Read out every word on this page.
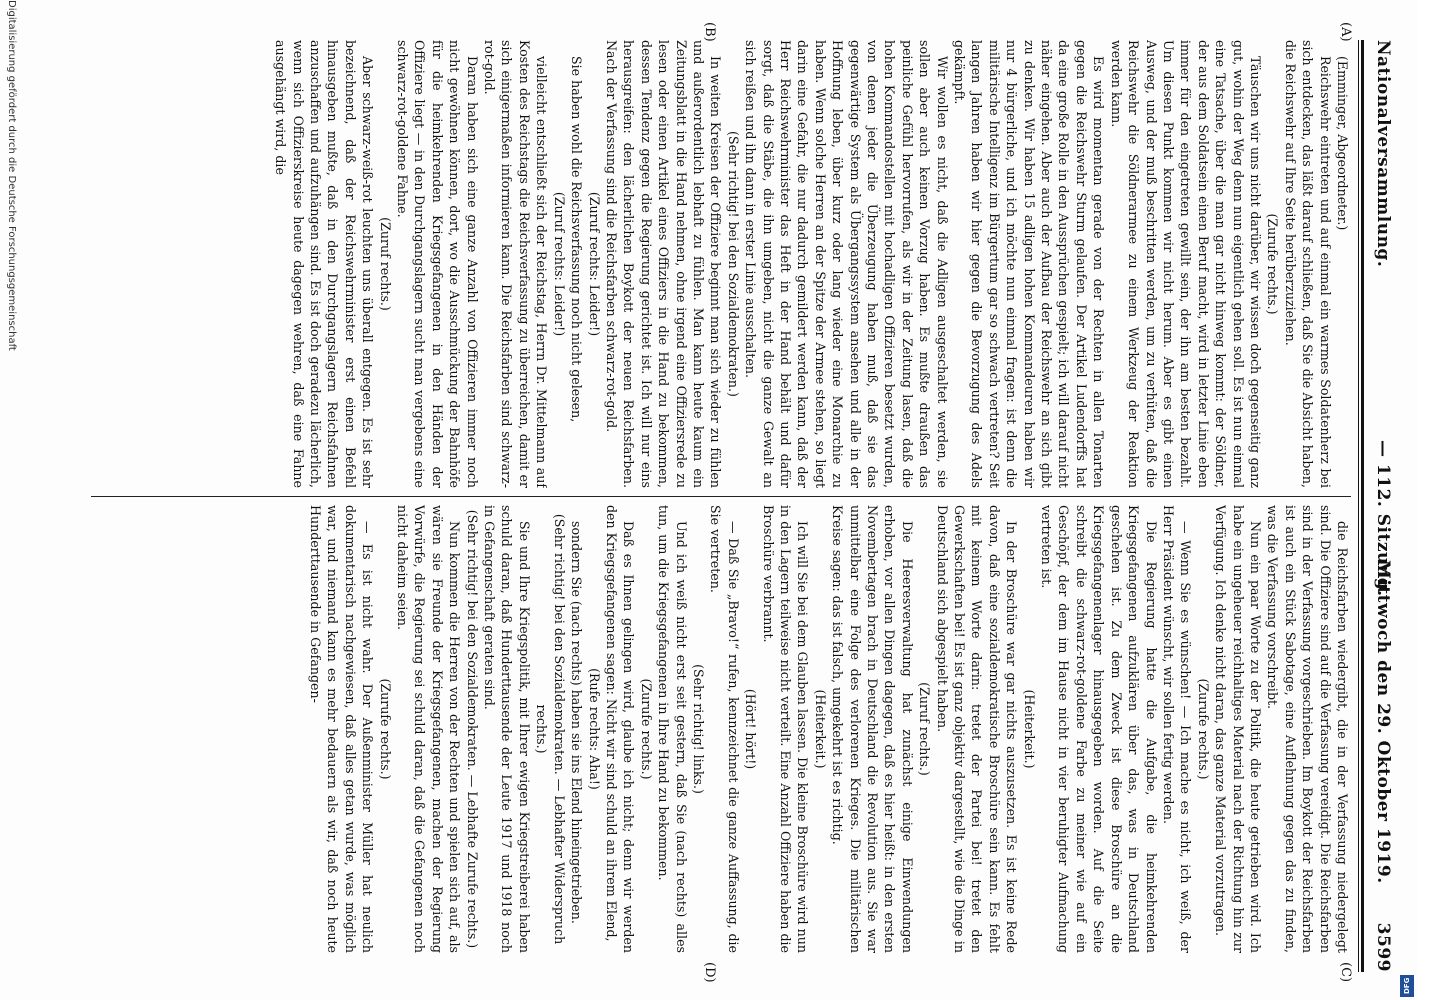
Nationalversammlung.
— 112. Sitzung.
Mittwoch den 29. Oktober 1919.
3599
(A)
(B)
(C)
(D)

(Emminger, Abgeordneter.)

Reichswehr eintreten und auf einmal ein warmes Soldatenherz bei sich entdecken, das läßt darauf schließen, daß Sie die Absicht haben, die Reichswehr auf Ihre Seite herüberzuziehen.

(Zurufe rechts.)

Täuschen wir uns nicht darüber, wir wissen doch gegenseitig ganz gut, wohin der Weg denn nun eigentlich gehen soll. Es ist nun einmal eine Tatsache, über die man gar nicht hinweg kommt: der Söldner, der aus dem Soldatsein einen Beruf macht, wird in letzter Linie eben immer für den eingetreten gewillt sein, der ihn am besten bezahlt. Um diesen Punkt kommen wir nicht herum. Aber es gibt einen Ausweg, und der muß beschritten werden, um zu verhüten, daß die Reichswehr die Söldnerarmee zu einem Werkzeug der Reaktion werden kann.

Es wird momentan gerade von der Rechten in allen Tonarten gegen die Reichswehr Sturm gelaufen. Der Artikel Ludendorffs hat da eine große Rolle in den Aussprüchen gespielt; ich will darauf nicht näher eingehen. Aber auch der Aufbau der Reichswehr an sich gibt zu denken. Wir haben 15 adligen hohen Kommandeuren haben wir nur 4 bürgerliche, und ich möchte nun einmal fragen: ist denn die militärische Intelligenz im Bürgertum gar so schwach vertreten? Seit langen Jahren haben wir hier gegen die Bevorzugung des Adels gekämpft.

Wir wollen es nicht, daß die Adligen ausgeschaltet werden, sie sollen aber auch keinen Vorzug haben. Es mußte draußen das peinliche Gefühl hervorrufen, als wir in der Zeitung lasen, daß die hohen Kommandostellen mit hochadligen Offizieren besetzt wurden, von denen jeder die Überzeugung haben muß, daß sie das gegenwärtige System als Übergangssystem ansehen und alle in der Hoffnung leben, über kurz oder lang wieder eine Monarchie zu haben. Wenn solche Herren an der Spitze der Armee stehen, so liegt darin eine Gefahr, die nur dadurch gemildert werden kann, daß der Herr Reichswehrminister das Heft in der Hand behält und dafür sorgt, daß die Stäbe, die ihn umgeben, nicht die ganze Gewalt an sich reißen und ihn dann in erster Linie ausschalten.

(Sehr richtig! bei den Sozialdemokraten.)

In weiten Kreisen der Offiziere beginnt man sich wieder zu fühlen und außerordentlich lebhaft zu fühlen. Man kann heute kaum ein Zeitungsblatt in die Hand nehmen, ohne irgend eine Offiziersrede zu lesen oder einen Artikel eines Offiziers in die Hand zu bekommen, dessen Tendenz gegen die Regierung gerichtet ist. Ich will nur eins herausgreifen: den lächerlichen Boykott der neuen Reichsfarben. Nach der Verfassung sind die Reichsfarben schwarz-rot-gold.

(Zuruf rechts: Leider!)

Sie haben wohl die Reichsverfassung noch nicht gelesen,

(Zuruf rechts: Leider!)

vielleicht entschließt sich der Reichstag, Herrn Dr. Mittelmann auf Kosten des Reichstags die Reichsverfassung zu überreichen, damit er sich einigermaßen informieren kann. Die Reichsfarben sind schwarz-rot-gold.

Daran haben sich eine ganze Anzahl von Offizieren immer noch nicht gewöhnen können, dort, wo die Ausschmückung der Bahnhöfe für die heimkehrenden Kriegsgefangenen in den Händen der Offiziere liegt — in den Durchgangslagern sucht man vergebens eine schwarz-rot-goldene Fahne.

(Zuruf rechts.)

Aber schwarz-weiß-rot leuchten uns überall entgegen. Es ist sehr bezeichnend, daß der Reichswehrminister erst einen Befehl hinausgeben mußte, daß in den Durchgangslagern Reichsfahnen anzuschaffen und aufzuhängen sind. Es ist doch geradezu lächerlich, wenn sich Offizierskreise heute dagegen wehren, daß eine Fahne ausgehängt wird, die

die Reichsfarben wiedergibt, die in der Verfassung niedergelegt sind. Die Offiziere sind auf die Verfassung vereidigt. Die Reichsfarben sind in der Verfassung vorgeschrieben. Im Boykott der Reichsfarben ist auch ein Stück Sabotage, eine Auflehnung gegen das zu finden, was die Verfassung vorschreibt.

Nun ein paar Worte zu der Politik, die heute getrieben wird. Ich habe ein ungeheuer reichhaltiges Material nach der Richtung hin zur Verfügung. Ich denke nicht daran, das ganze Material vorzutragen.

(Zurufe rechts.)

— Wenn Sie es wünschen! — Ich mache es nicht, ich weiß, der Herr Präsident wünscht, wir sollen fertig werden.

Die Regierung hatte die Aufgabe, die heimkehrenden Kriegsgefangenen aufzuklären über das, was in Deutschland geschehen ist. Zu dem Zweck ist diese Broschüre an die Kriegsgefangenenlager hinausgegeben worden. Auf die Seite schreibt die schwarz-rot-goldene Farbe zu meiner wie auf ein Geschöpf, der dem im Hause nicht in vier beruhigter Aufmachung vertreten ist.

(Heiterkeit.)

In der Broschüre war gar nichts auszusetzen. Es ist keine Rede davon, daß eine sozialdemokratische Broschüre sein kann. Es fehlt mit keinem Worte darin: tretet der Partei bei! tretet den Gewerkschaften bei! Es ist ganz objektiv dargestellt, wie die Dinge in Deutschland sich abgespielt haben.

(Zuruf rechts.)

Die Heeresverwaltung hat zunächst einige Einwendungen erhoben, vor allen Dingen dagegen, daß es hier heißt: in den ersten Novembertagen brach in Deutschland die Revolution aus. Sie war unmittelbar eine Folge des verlorenen Krieges. Die militärischen Kreise sagen: das ist falsch, umgekehrt ist es richtig.

(Heiterkeit.)

Ich will Sie bei dem Glauben lassen. Die kleine Broschüre wird nun in den Lagern teilweise nicht verteilt. Eine Anzahl Offiziere haben die Broschüre verbrannt.

(Hört! hört!)

— Daß Sie „Bravo!“ rufen, kennzeichnet die ganze Auffassung, die Sie vertreten.

(Sehr richtig! links.)

Und ich weiß nicht erst seit gestern, daß Sie (nach rechts) alles tun, um die Kriegsgefangenen in Ihre Hand zu bekommen.

(Zurufe rechts.)

Daß es Ihnen gelingen wird, glaube ich nicht; denn wir werden den Kriegsgefangenen sagen: Nicht wir sind schuld an ihrem Elend,

(Rufe rechts: Aha!)

sondern Sie (nach rechts) haben sie ins Elend hineingetrieben.

(Sehr richtig! bei den Sozialdemokraten. — Lebhafter Widerspruch rechts.)

Sie und Ihre Kriegspolitik, mit Ihrer ewigen Kriegstreiberei haben schuld daran, daß Hunderttausende der Leute 1917 und 1918 noch in Gefangenschaft geraten sind.

(Sehr richtig! bei den Sozialdemokraten. — Lebhafte Zurufe rechts.)

Nun kommen die Herren von der Rechten und spielen sich auf, als wären sie Freunde der Kriegsgefangenen, machen der Regierung Vorwürfe, die Regierung sei schuld daran, daß die Gefangenen noch nicht daheim seien.

(Zurufe rechts.)

— Es ist nicht wahr. Der Außenminister Müller hat neulich dokumentarisch nachgewiesen, daß alles getan wurde, was möglich war, und niemand kann es mehr bedauern als wir, daß noch heute Hunderttausende in Gefangen-

Digitalisierung gefördert durch die Deutsche Forschungsgemeinschaft
DFG
